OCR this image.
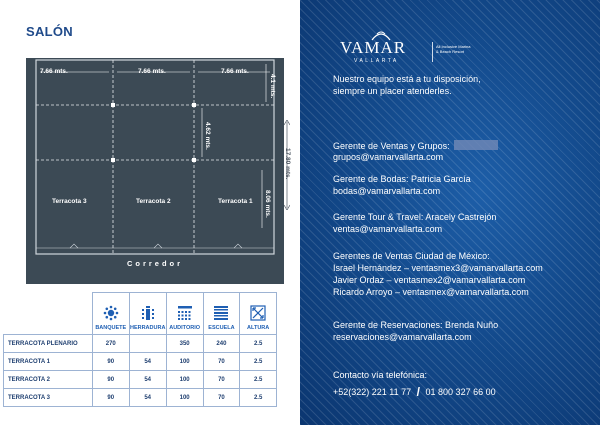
SALÓN
7.66 mts.	7.66 mts.	7.66 mts.
4.1 mts.
4.62 mts.
8.06 mts.
Terracota 3	Terracota 2	Terracota 1
Corredor
17.80 mts.

BANQUETE	HERRADURA	AUDITORIO	ESCUELA	ALTURA
TERRACOTA PLENARIO	270		350	240	2.5
TERRACOTA 1	90	54	100	70	2.5
TERRACOTA 2	90	54	100	70	2.5
TERRACOTA 3	90	54	100	70	2.5
VAMAR
VALLARTA
All Inclusive Marina
& Beach Resort
Nuestro equipo está a tu disposición,
siempre un placer atenderles.
Gerente de Ventas y Grupos:
grupos@vamarvallarta.com
Gerente de Bodas: Patricia García
bodas@vamarvallarta.com
Gerente Tour & Travel: Aracely Castrejón
ventas@vamarvallarta.com
Gerentes de Ventas Ciudad de México:
Israel Hernández – ventasmex3@vamarvallarta.com
Javier Ordaz – ventasmex2@vamarvallarta.com
Ricardo Arroyo – ventasmex@vamarvallarta.com
Gerente de Reservaciones: Brenda Nuño
reservaciones@vamarvallarta.com
Contacto vía telefónica:
+52(322) 221 11 77 / 01 800 327 66 00
